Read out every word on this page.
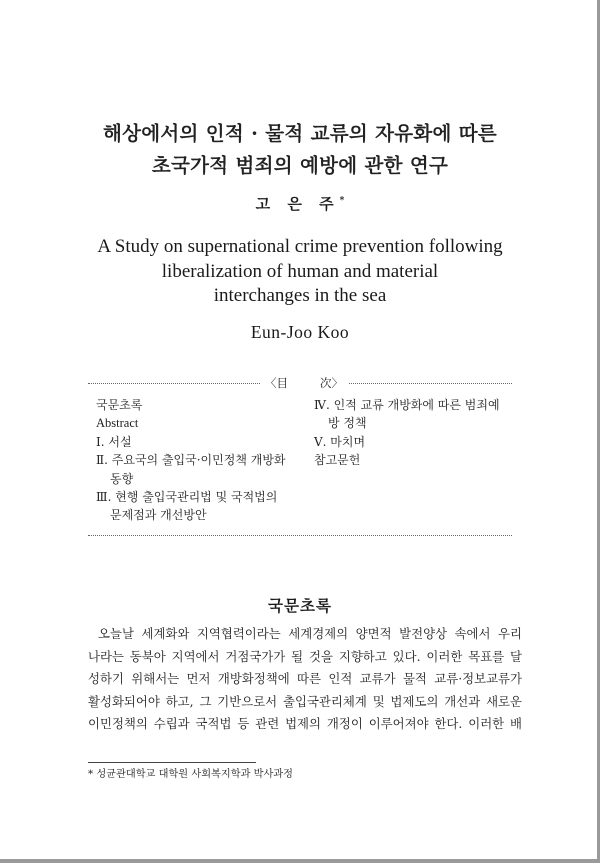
해상에서의 인적 · 물적 교류의 자유화에 따른
초국가적 범죄의 예방에 관한 연구
고 은 주*
A Study on supernational crime prevention following
liberalization of human and material
interchanges in the sea
Eun-Joo Koo
〈目	次〉
국문초록
Abstract
Ⅰ. 서설
Ⅱ. 주요국의 출입국·이민정책 개방화
동향
Ⅲ. 현행 출입국관리법 및 국적법의
문제점과 개선방안
Ⅳ. 인적 교류 개방화에 따른 범죄예
방 정책
Ⅴ. 마치며
참고문헌
국문초록
오늘날 세계화와 지역협력이라는 세계경제의 양면적 발전양상 속에서 우리
나라는 동북아 지역에서 거점국가가 될 것을 지향하고 있다. 이러한 목표를 달
성하기 위해서는 먼저 개방화정책에 따른 인적 교류가 물적 교류·정보교류가
활성화되어야 하고, 그 기반으로서 출입국관리체계 및 법제도의 개선과 새로운
이민정책의 수립과 국적법 등 관련 법제의 개정이 이루어져야 한다. 이러한 배
* 성균관대학교 대학원 사회복지학과 박사과정
